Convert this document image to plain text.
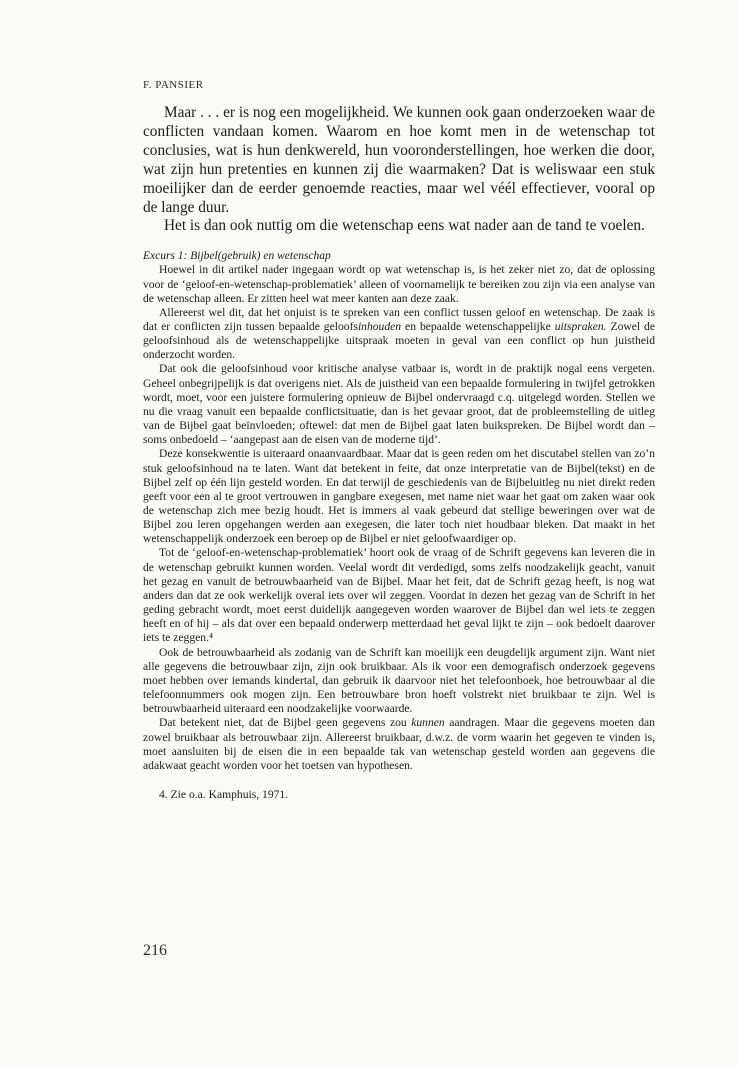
F. PANSIER

Maar . . . er is nog een mogelijkheid. We kunnen ook gaan onderzoeken waar de conflicten vandaan komen. Waarom en hoe komt men in de wetenschap tot conclusies, wat is hun denkwereld, hun vooronderstellingen, hoe werken die door, wat zijn hun pretenties en kunnen zij die waarmaken? Dat is weliswaar een stuk moeilijker dan de eerder genoemde reacties, maar wel véél effectiever, vooral op de lange duur.

Het is dan ook nuttig om die wetenschap eens wat nader aan de tand te voelen.

Excurs 1: Bijbel(gebruik) en wetenschap

Hoewel in dit artikel nader ingegaan wordt op wat wetenschap is, is het zeker niet zo, dat de oplossing voor de ‘geloof-en-wetenschap-problematiek’ alleen of voornamelijk te bereiken zou zijn via een analyse van de wetenschap alleen. Er zitten heel wat meer kanten aan deze zaak.

Allereerst wel dit, dat het onjuist is te spreken van een conflict tussen geloof en wetenschap. De zaak is dat er conflicten zijn tussen bepaalde geloofsinhouden en bepaalde wetenschappelijke uitspraken. Zowel de geloofsinhoud als de wetenschappelijke uitspraak moeten in geval van een conflict op hun juistheid onderzocht worden.

Dat ook die geloofsinhoud voor kritische analyse vatbaar is, wordt in de praktijk nogal eens vergeten. Geheel onbegrijpelijk is dat overigens niet. Als de juistheid van een bepaalde formulering in twijfel getrokken wordt, moet, voor een juistere formulering opnieuw de Bijbel ondervraagd c.q. uitgelegd worden. Stellen we nu die vraag vanuit een bepaalde conflictsituatie, dan is het gevaar groot, dat de probleemstelling de uitleg van de Bijbel gaat beïnvloeden; oftewel: dat men de Bijbel gaat laten buikspreken. De Bijbel wordt dan – soms onbedoeld – ‘aangepast aan de eisen van de moderne tijd’.

Deze konsekwentie is uiteraard onaanvaardbaar. Maar dat is geen reden om het discutabel stellen van zo’n stuk geloofsinhoud na te laten. Want dat betekent in feite, dat onze interpretatie van de Bijbel(tekst) en de Bijbel zelf op één lijn gesteld worden. En dat terwijl de geschiedenis van de Bijbeluitleg nu niet direkt reden geeft voor een al te groot vertrouwen in gangbare exegesen, met name niet waar het gaat om zaken waar ook de wetenschap zich mee bezig houdt. Het is immers al vaak gebeurd dat stellige beweringen over wat de Bijbel zou leren opgehangen werden aan exegesen, die later toch niet houdbaar bleken. Dat maakt in het wetenschappelijk onderzoek een beroep op de Bijbel er niet geloofwaardiger op.

Tot de ‘geloof-en-wetenschap-problematiek’ hoort ook de vraag of de Schrift gegevens kan leveren die in de wetenschap gebruikt kunnen worden. Veelal wordt dit verdedigd, soms zelfs noodzakelijk geacht, vanuit het gezag en vanuit de betrouwbaarheid van de Bijbel. Maar het feit, dat de Schrift gezag heeft, is nog wat anders dan dat ze ook werkelijk overal iets over wil zeggen. Voordat in dezen het gezag van de Schrift in het geding gebracht wordt, moet eerst duidelijk aangegeven worden waarover de Bijbel dan wel iets te zeggen heeft en of hij – als dat over een bepaald onderwerp metterdaad het geval lijkt te zijn – ook bedoelt daarover iets te zeggen.⁴

Ook de betrouwbaarheid als zodanig van de Schrift kan moeilijk een deugdelijk argument zijn. Want niet alle gegevens die betrouwbaar zijn, zijn ook bruikbaar. Als ik voor een demografisch onderzoek gegevens moet hebben over iemands kindertal, dan gebruik ik daarvoor niet het telefoonboek, hoe betrouwbaar al die telefoonnummers ook mogen zijn. Een betrouwbare bron hoeft volstrekt niet bruikbaar te zijn. Wel is betrouwbaarheid uiteraard een noodzakelijke voorwaarde.

Dat betekent niet, dat de Bijbel geen gegevens zou kunnen aandragen. Maar die gegevens moeten dan zowel bruikbaar als betrouwbaar zijn. Allereerst bruikbaar, d.w.z. de vorm waarin het gegeven te vinden is, moet aansluiten bij de eisen die in een bepaalde tak van wetenschap gesteld worden aan gegevens die adakwaat geacht worden voor het toetsen van hypothesen.

4. Zie o.a. Kamphuis, 1971.
216
